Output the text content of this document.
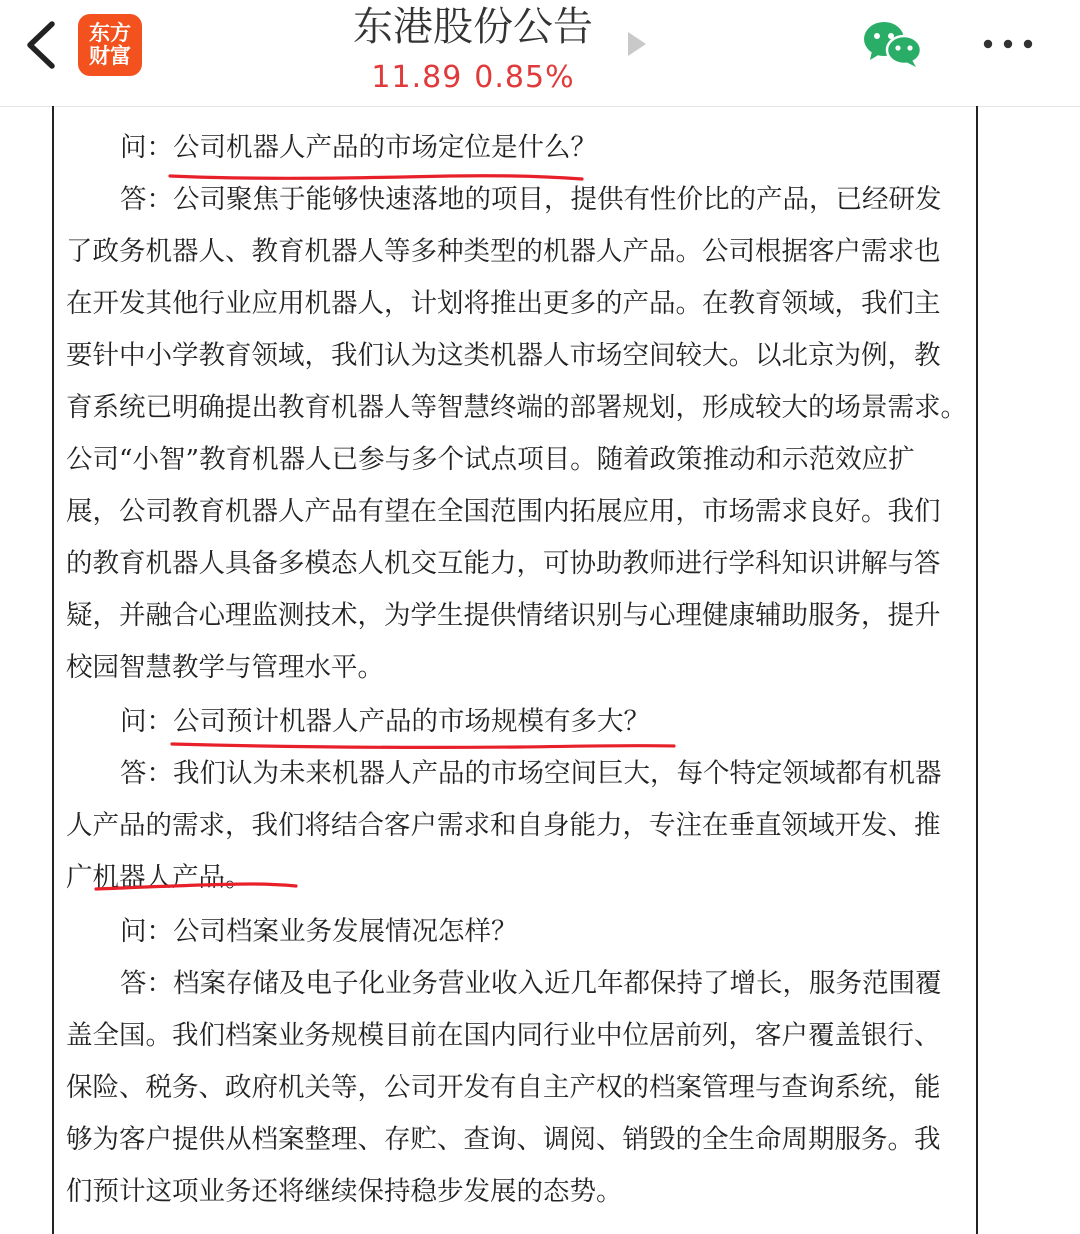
东方
财富
东港股份公告
11.89 0.85%
问：公司机器人产品的市场定位是什么？
答：公司聚焦于能够快速落地的项目，提供有性价比的产品，已经研发
了政务机器人、教育机器人等多种类型的机器人产品。公司根据客户需求也
在开发其他行业应用机器人，计划将推出更多的产品。在教育领域，我们主
要针中小学教育领域，我们认为这类机器人市场空间较大。以北京为例，教
育系统已明确提出教育机器人等智慧终端的部署规划，形成较大的场景需求。
公司“小智”教育机器人已参与多个试点项目。随着政策推动和示范效应扩
展，公司教育机器人产品有望在全国范围内拓展应用，市场需求良好。我们
的教育机器人具备多模态人机交互能力，可协助教师进行学科知识讲解与答
疑，并融合心理监测技术，为学生提供情绪识别与心理健康辅助服务，提升
校园智慧教学与管理水平。
问：公司预计机器人产品的市场规模有多大？
答：我们认为未来机器人产品的市场空间巨大，每个特定领域都有机器
人产品的需求，我们将结合客户需求和自身能力，专注在垂直领域开发、推
广机器人产品。
问：公司档案业务发展情况怎样？
答：档案存储及电子化业务营业收入近几年都保持了增长，服务范围覆
盖全国。我们档案业务规模目前在国内同行业中位居前列，客户覆盖银行、
保险、税务、政府机关等，公司开发有自主产权的档案管理与查询系统，能
够为客户提供从档案整理、存贮、查询、调阅、销毁的全生命周期服务。我
们预计这项业务还将继续保持稳步发展的态势。
